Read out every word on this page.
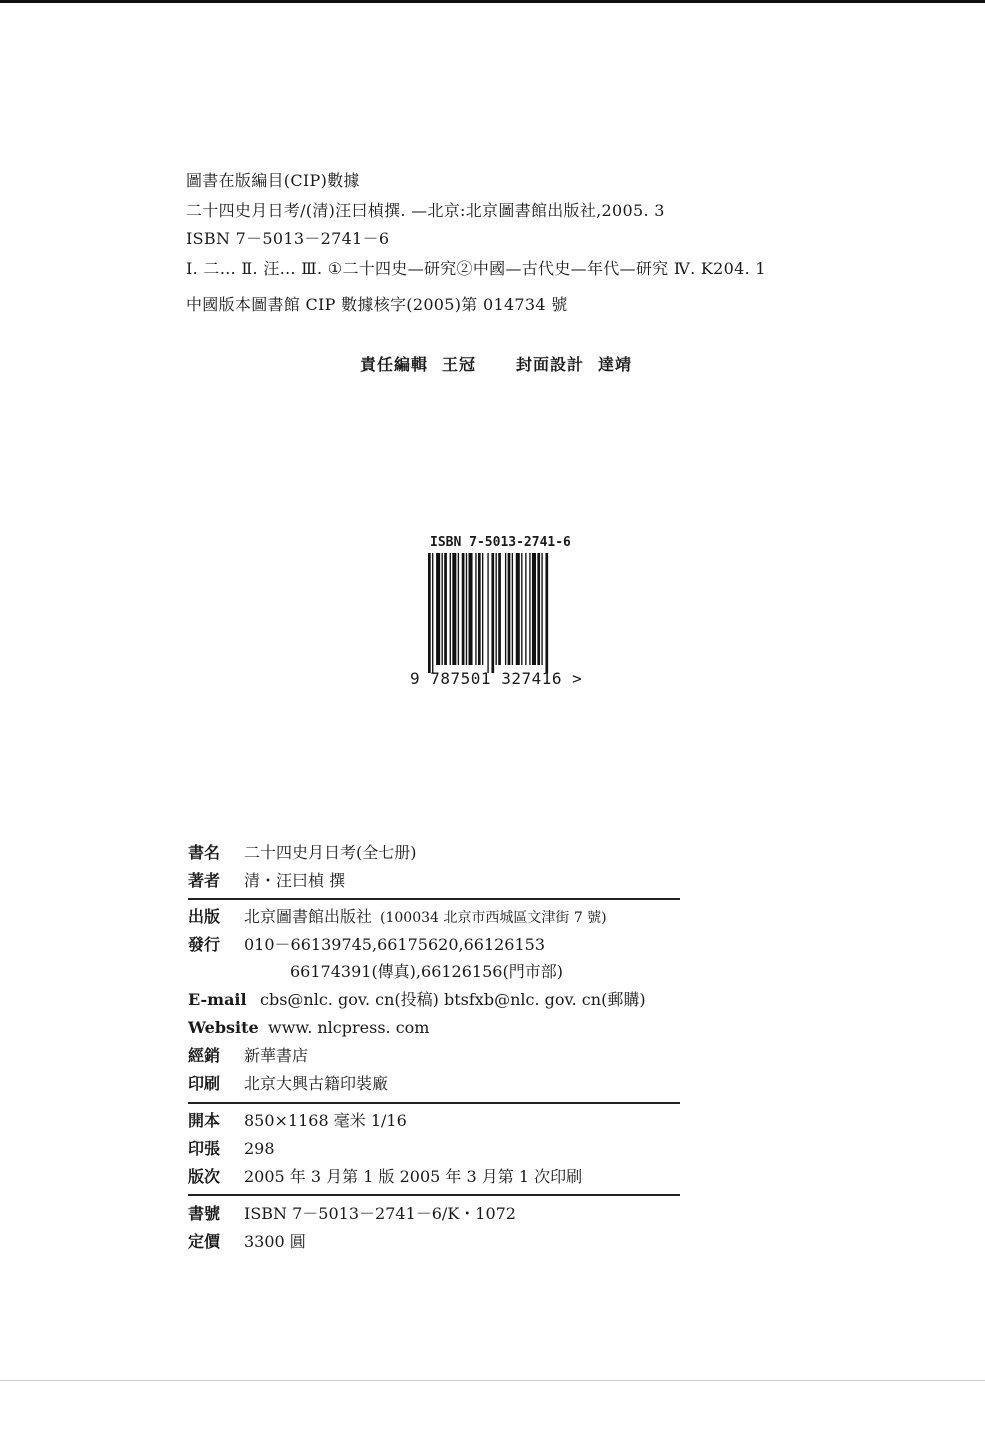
圖書在版編目(CIP)數據
二十四史月日考/(清)汪曰楨撰. —北京:北京圖書館出版社,2005. 3
ISBN 7－5013－2741－6
Ⅰ. 二… Ⅱ. 汪… Ⅲ. ①二十四史—研究②中國—古代史—年代—研究 Ⅳ. K204. 1
中國版本圖書館 CIP 數據核字(2005)第 014734 號
責任編輯 王冠	封面設計 達靖
ISBN 7-5013-2741-6
9 787501 327416 >
書名 二十四史月日考(全七册)
著者 清・汪曰楨 撰
出版 北京圖書館出版社 (100034 北京市西城區文津街 7 號)
發行 010－66139745,66175620,66126153
66174391(傳真),66126156(門市部)
E-mail cbs@nlc. gov. cn(投稿) btsfxb@nlc. gov. cn(郵購)
Website www. nlcpress. com
經銷 新華書店
印刷 北京大興古籍印裝廠
開本 850×1168 毫米 1/16
印張 298
版次 2005 年 3 月第 1 版 2005 年 3 月第 1 次印刷
書號 ISBN 7－5013－2741－6/K・1072
定價 3300 圓
